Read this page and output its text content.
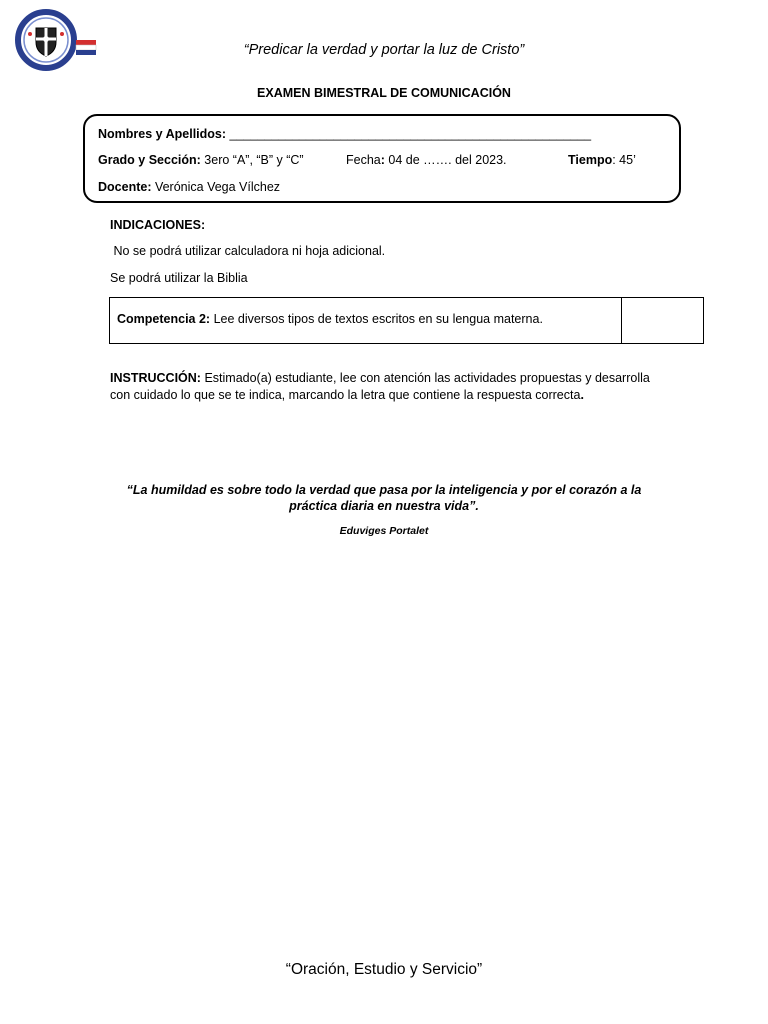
“Predicar la verdad y portar la luz de Cristo”
EXAMEN BIMESTRAL DE COMUNICACIÓN
Nombres y Apellidos: ____________________________________________________
Grado y Sección: 3ero “A”, “B” y “C”	Fecha: 04 de ……. del 2023.	Tiempo: 45’
Docente: Verónica Vega Vílchez
INDICACIONES:
No se podrá utilizar calculadora ni hoja adicional.
Se podrá utilizar la Biblia
Competencia 2: Lee diversos tipos de textos escritos en su lengua materna.
INSTRUCCIÓN: Estimado(a) estudiante, lee con atención las actividades propuestas y desarrolla con cuidado lo que se te indica, marcando la letra que contiene la respuesta correcta.
“La humildad es sobre todo la verdad que pasa por la inteligencia y por el corazón a la práctica diaria en nuestra vida”.
Eduviges Portalet
“Oración, Estudio y Servicio”
